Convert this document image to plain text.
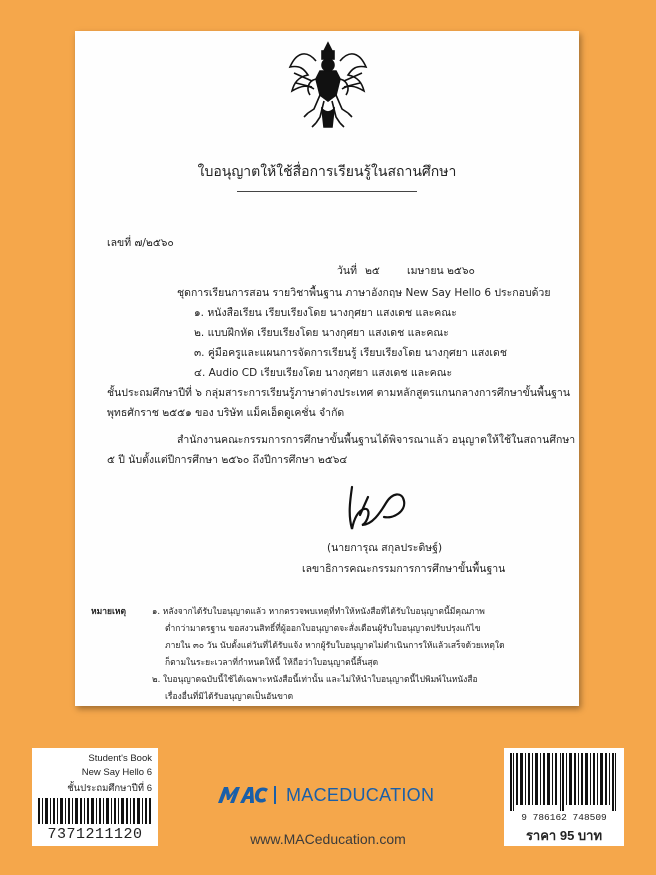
ใบอนุญาตให้ใช้สื่อการเรียนรู้ในสถานศึกษา
เลขที่ ๗/๒๕๖๐
วันที่ ๒๕	เมษายน ๒๕๖๐
ชุดการเรียนการสอน รายวิชาพื้นฐาน ภาษาอังกฤษ New Say Hello 6 ประกอบด้วย
๑. หนังสือเรียน เรียบเรียงโดย นางกุศยา แสงเดช และคณะ
๒. แบบฝึกหัด เรียบเรียงโดย นางกุศยา แสงเดช และคณะ
๓. คู่มือครูและแผนการจัดการเรียนรู้ เรียบเรียงโดย นางกุศยา แสงเดช
๔. Audio CD เรียบเรียงโดย นางกุศยา แสงเดช และคณะ
ชั้นประถมศึกษาปีที่ ๖ กลุ่มสาระการเรียนรู้ภาษาต่างประเทศ ตามหลักสูตรแกนกลางการศึกษาขั้นพื้นฐาน
พุทธศักราช ๒๕๕๑ ของ บริษัท แม็คเอ็ดดูเคชั่น จำกัด
สำนักงานคณะกรรมการการศึกษาขั้นพื้นฐานได้พิจารณาแล้ว อนุญาตให้ใช้ในสถานศึกษา
๕ ปี นับตั้งแต่ปีการศึกษา ๒๕๖๐ ถึงปีการศึกษา ๒๕๖๔
(นายการุณ สกุลประดิษฐ์)
เลขาธิการคณะกรรมการการศึกษาขั้นพื้นฐาน
หมายเหตุ	๑. หลังจากได้รับใบอนุญาตแล้ว หากตรวจพบเหตุที่ทำให้หนังสือที่ได้รับใบอนุญาตนี้มีคุณภาพ
ต่ำกว่ามาตรฐาน ขอสงวนสิทธิ์ที่ผู้ออกใบอนุญาตจะสั่งเตือนผู้รับใบอนุญาตปรับปรุงแก้ไข
ภายใน ๓๐ วัน นับตั้งแต่วันที่ได้รับแจ้ง หากผู้รับใบอนุญาตไม่ดำเนินการให้แล้วเสร็จด้วยเหตุใด
ก็ตามในระยะเวลาที่กำหนดให้นี้ ให้ถือว่าใบอนุญาตนี้สิ้นสุด
๒. ใบอนุญาตฉบับนี้ใช้ได้เฉพาะหนังสือนี้เท่านั้น และไม่ให้นำใบอนุญาตนี้ไปพิมพ์ในหนังสือ
เรื่องอื่นที่มิได้รับอนุญาตเป็นอันขาด
Student's Book
New Say Hello 6
ชั้นประถมศึกษาปีที่ 6
7371211120
MACEDUCATION
www.MACeducation.com
9 786162 748509
ราคา 95 บาท
